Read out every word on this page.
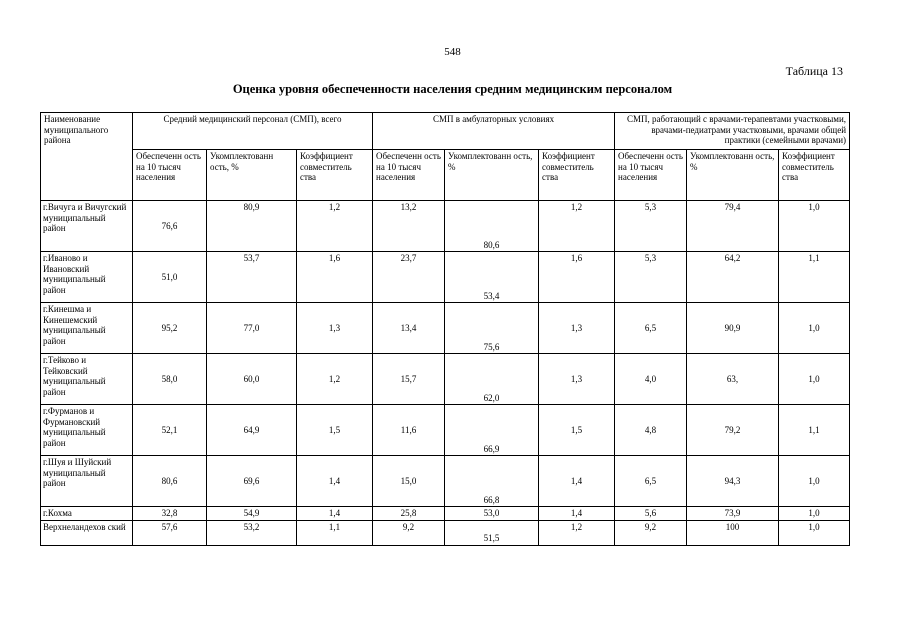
548
Таблица 13
Оценка уровня обеспеченности населения средним медицинским персоналом
Наименование муниципального района	Средний медицинский персонал (СМП), всего			СМП в амбулаторных условиях			СМП, работающий с врачами-терапевтами участковыми, врачами-педиатрами участковыми, врачами общей практики (семейными врачами)		
	Обеспеченн ость на 10 тысяч населения	Укомплектованн ость, %	Коэффициент совместитель ства	Обеспеченн ость на 10 тысяч населения	Укомплектованн ость, %	Коэффициент совместитель ства	Обеспеченн ость на 10 тысяч населения	Укомплектованн ость, %	Коэффициент совместитель ства
г.Вичуга и Вичугский муниципальный район	76,6	80,9	1,2	13,2	80,6	1,2	5,3	79,4	1,0
г.Иваново и Ивановский муниципальный район	51,0	53,7	1,6	23,7	53,4	1,6	5,3	64,2	1,1
г.Кинешма и Кинешемский муниципальный район	95,2	77,0	1,3	13,4	75,6	1,3	6,5	90,9	1,0
г.Тейково и Тейковский муниципальный район	58,0	60,0	1,2	15,7	62,0	1,3	4,0	63,	1,0
г.Фурманов и Фурмановский муниципальный район	52,1	64,9	1,5	11,6	66,9	1,5	4,8	79,2	1,1
г.Шуя и Шуйский муниципальный район	80,6	69,6	1,4	15,0	66,8	1,4	6,5	94,3	1,0
г.Кохма	32,8	54,9	1,4	25,8	53,0	1,4	5,6	73,9	1,0
Верхнеландехов ский	57,6	53,2	1,1	9,2	51,5	1,2	9,2	100	1,0
